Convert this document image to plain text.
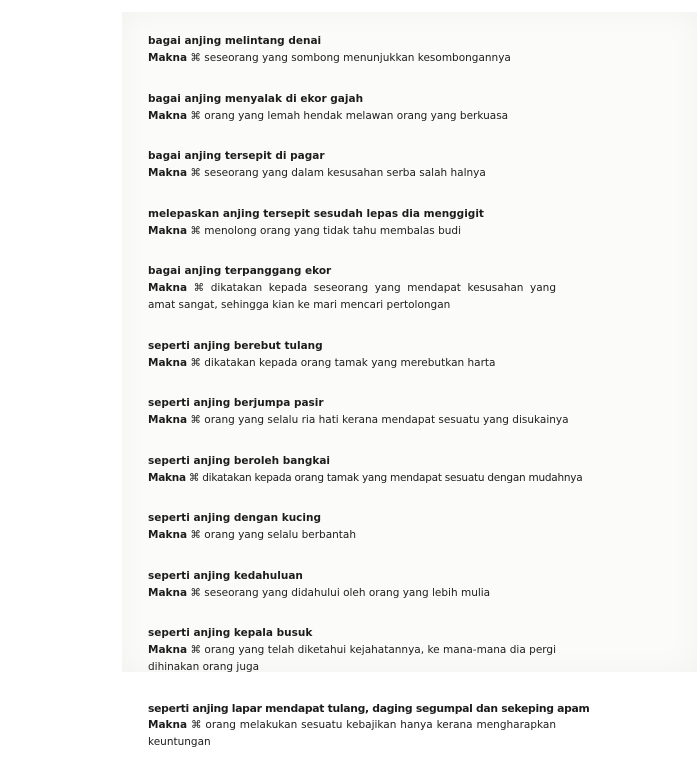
bagai anjing melintang denai
Makna ⌘ seseorang yang sombong menunjukkan kesombongannya
bagai anjing menyalak di ekor gajah
Makna ⌘ orang yang lemah hendak melawan orang yang berkuasa
bagai anjing tersepit di pagar
Makna ⌘ seseorang yang dalam kesusahan serba salah halnya
melepaskan anjing tersepit sesudah lepas dia menggigit
Makna ⌘ menolong orang yang tidak tahu membalas budi
bagai anjing terpanggang ekor
Makna ⌘ dikatakan kepada seseorang yang mendapat kesusahan yang amat sangat, sehingga kian ke mari mencari pertolongan
seperti anjing berebut tulang
Makna ⌘ dikatakan kepada orang tamak yang merebutkan harta
seperti anjing berjumpa pasir
Makna ⌘ orang yang selalu ria hati kerana mendapat sesuatu yang disukainya
seperti anjing beroleh bangkai
Makna ⌘ dikatakan kepada orang tamak yang mendapat sesuatu dengan mudahnya
seperti anjing dengan kucing
Makna ⌘ orang yang selalu berbantah
seperti anjing kedahuluan
Makna ⌘ seseorang yang didahului oleh orang yang lebih mulia
seperti anjing kepala busuk
Makna ⌘ orang yang telah diketahui kejahatannya, ke mana-mana dia pergi dihinakan orang juga
seperti anjing lapar mendapat tulang, daging segumpal dan sekeping apam
Makna ⌘ orang melakukan sesuatu kebajikan hanya kerana mengharapkan keuntungan
